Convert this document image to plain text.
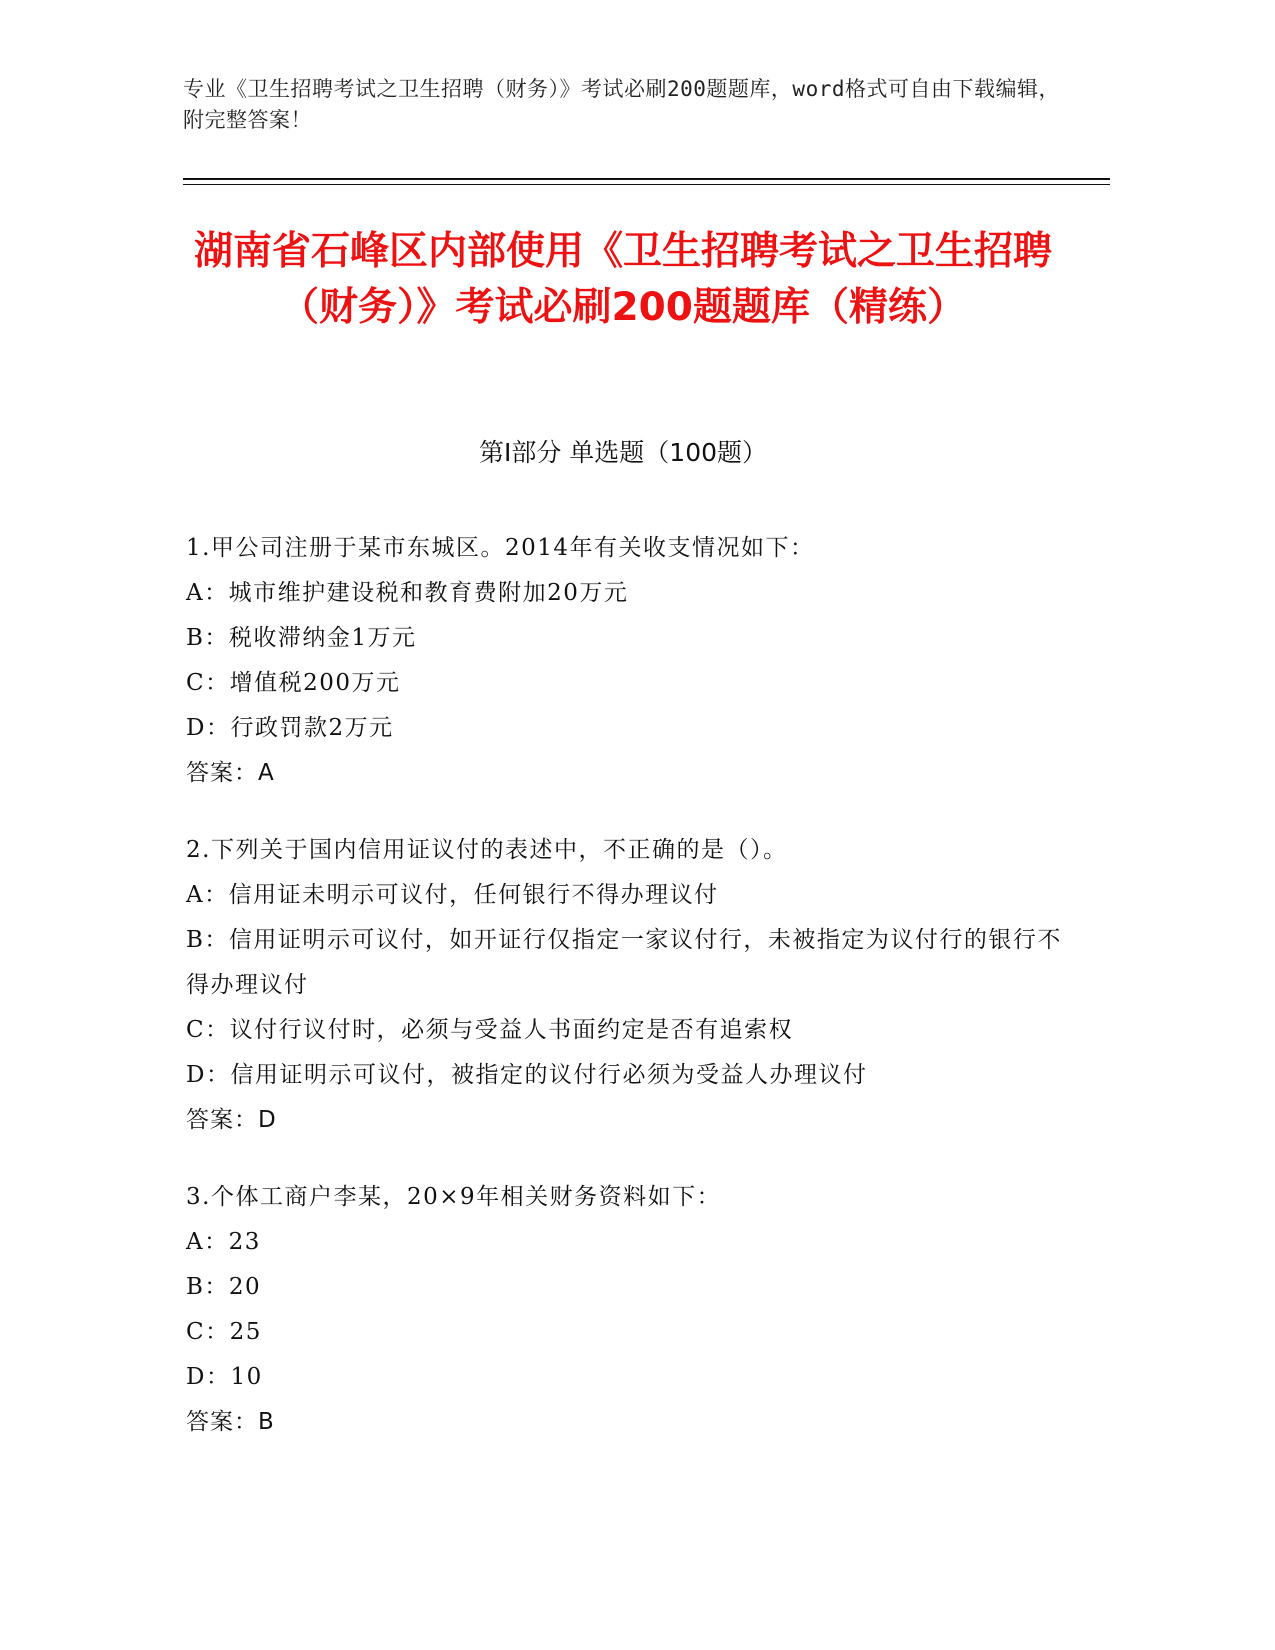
专业《卫生招聘考试之卫生招聘（财务）》考试必刷200题题库，word格式可自由下载编辑，附完整答案！
湖南省石峰区内部使用《卫生招聘考试之卫生招聘（财务）》考试必刷200题题库（精练）
第Ⅰ部分 单选题（100题）
1.甲公司注册于某市东城区。2014年有关收支情况如下：
A：城市维护建设税和教育费附加20万元
B：税收滞纳金1万元
C：增值税200万元
D：行政罚款2万元
答案：A
2.下列关于国内信用证议付的表述中，不正确的是（）。
A：信用证未明示可议付，任何银行不得办理议付
B：信用证明示可议付，如开证行仅指定一家议付行，未被指定为议付行的银行不得办理议付
C：议付行议付时，必须与受益人书面约定是否有追索权
D：信用证明示可议付，被指定的议付行必须为受益人办理议付
答案：D
3.个体工商户李某，20×9年相关财务资料如下：
A：23
B：20
C：25
D：10
答案：B
